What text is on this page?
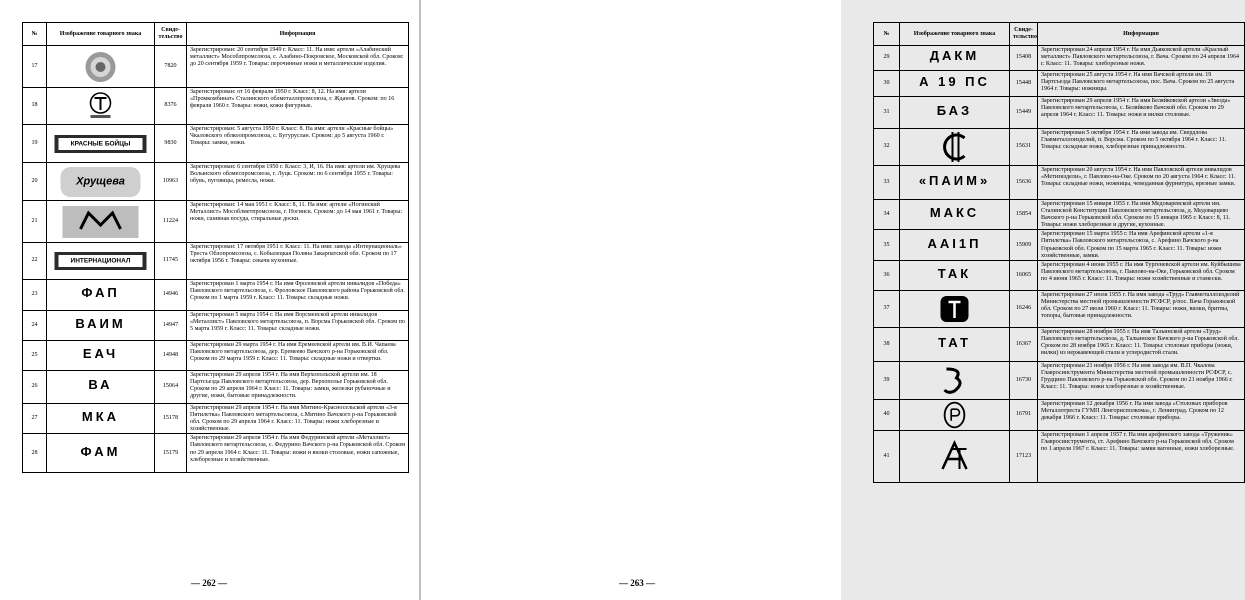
№	Изображение товарного знака	Свиде-тельство	Информация
17		7820	Зарегистрирован: 20 сентября 1949 г. Класс: 11. На имя: артели «Алабинский металлист» Мособлпромсоюза, с. Алабино-Покровское, Московской обл. Сроком: до 20 сентября 1959 г. Товары: перочинные ножи и металлические изделия.
18		8376	Зарегистрирован: от 16 февраля 1950 г. Класс: 8, 12. На имя: артели «Промкомбинат» Сталинского облметаллпромсоюза, г. Жданов. Сроком: по 16 февраля 1960 г. Товары: ножи, кожи фигурные.
19	КРАСНЫЕ БОЙЦЫ	9830	Зарегистрирован: 5 августа 1950 г. Класс: 8. На имя: артели «Красные бойцы» Чкаловского облкоопромсоюза, с. Бугуруслан. Сроком: до 5 августа 1960 г. Товары: замки, ножи.
20	Хрущева	10963	Зарегистрирован: 6 сентября 1950 г. Класс: 3, И, 16. На имя: артели им. Хрущева Волынского облмеспромсоюза, г. Луцк. Сроком: по 6 сентября 1955 г. Товары: обувь, пуговицы, ремесла, ножи.
21		11224	Зарегистрирован: 14 мая 1951 г. Класс: 8, 11. На имя: артели «Ногинский Металлист» Мособлметпромсоюза, г. Ногинск. Сроком: до 14 мая 1961 г. Товары: ножи, сшивная посуда, стиральные доски.
22	ИНТЕРНАЦИОНАЛ	11745	Зарегистрирован: 17 октября 1951 г. Класс: 11. На имя: завода «Интернациональ» Треста Облопромсоюза, с. Кобылецкая Поляна Закарпатской обл. Сроком по 17 октября 1956 г. Товары: секачи кухонные.
23	ФАП	14946	Зарегистрирован 1 марта 1954 г. На имя Фроловской артели инвалидов «Победа» Павловского метартельсоюза, с. Фроловское Павловского района Горьковской обл. Сроком по 1 марта 1959 г. Класс: 11. Товары: складные ножи.
24	ВАИМ	14947	Зарегистрирован 5 марта 1954 г. На имя Ворсменской артели инвалидов «Металлист» Павловского метартельсоюза, п. Ворсма Горьковской обл. Сроком по 5 марта 1959 г. Класс: 11. Товары: складные ножи.
25	ЕАЧ	14948	Зарегистрирован 29 марта 1954 г. На имя Еремеевской артели им. В.И. Чапаева Павловского метартельсоюза, дер. Еремеево Вачского р-на Горьковской обл. Сроком по 29 марта 1959 г. Класс: 11. Товары: складные ножи и отвертки.
26	ВА	15064	Зарегистрирован 29 апреля 1954 г. На имя Верхопольской артели им. 18 Партсъезда Павловского метартельсоюза, дер. Верхополье Горьковской обл. Сроком по 29 апреля 1964 г. Класс: 11. Товары: замки, железки рубаночные и другие, ножи, бытовые принадлежности.
27	МКА	15178	Зарегистрирован 29 апреля 1954 г. На имя Митино-Красносельской артели «3-я Пятилетка» Павловского метартельсоюза, с.Митино Вачского р-на Горьковской обл. Сроком по 29 апреля 1964 г. Класс: 11. Товары: ножи хлеборезные и хозяйственные.
28	ФАМ	15179	Зарегистрирован 29 апреля 1954 г. На имя Федуринской артели «Металлист» Павловского метартельсоюза, с. Федурино Вачского р-на Горьковской обл. Сроком по 29 апреля 1964 г. Класс: 11. Товары: ножи и вилки столовые, ножи сапожные, хлеборезные и хозяйственные.
— 262 —
№	Изображение товарного знака	Свиде-тельство	Информация
29	ДАКМ	15408	Зарегистрирован 24 апреля 1954 г. На имя Дьяковской артели «Красный металлист» Павловского метартельсоюза, г. Вача. Сроком по 24 апреля 1964 г. Класс: 11. Товары: хлеборезные ножи.
30	А 19 ПС	15448	Зарегистрирован 25 августа 1954 г. На имя Вачской артели им. 19 Партсъезда Павловского метартельсоюза, пос. Вача. Сроком по 25 августа 1964 г. Товары: ножницы.
31	БАЗ	15449	Зарегистрирован 29 апреля 1954 г. На имя Беляйковской артели «Звезда» Павловского метартельсоюза, с. Беляйково Вачской обл. Сроком по 29 апреля 1964 г. Класс: 11. Товары: ножи и вилки столовые.
32		15631	Зарегистрирован 5 октября 1954 г. На имя завода им. Свердлова Главметаллоизделий, п. Ворсма. Сроком по 5 октября 1964 г. Класс: 11. Товары: складные ножи, хлеборезные принадлежности.
33	«ПАИМ»	15636	Зарегистрирован 20 августа 1954 г. На имя Павловской артели инвалидов «Метизиздели», г. Павлово-на-Оке. Сроком по 20 августа 1964 г. Класс: 11. Товары: складные ножи, ножницы, чемоданная фурнитура, врезные замки.
34	МАКС	15854	Зарегистрирован 15 января 1955 г. На имя Медоваревской артели им. Сталинской Конституции Павловского метартельсоюза, д. Медоварцево Вачского р-на Горьковской обл. Сроком по 15 января 1965 г. Класс: 8, 11. Товары: ножи хлеборезные и другие, кухонные.
35	ААІ1П	15909	Зарегистрирован 15 марта 1955 г. На имя Арефинской артели «1-я Пятилетка» Павловского метартельсоюза, с. Арефино Вачского р-на Горьковской обл. Сроком по 15 марта 1965 г. Класс: 11. Товары: ножи хозяйственные, замки.
36	ТАК	16065	Зарегистрирован 4 июня 1955 г. На имя Тургеневской артели им. Куйбышева Павловского метартельсоюза, г. Павлово-на-Оке, Горьковской обл. Сроком по 4 июня 1965 г. Класс: 11. Товары: ножи хозяйственные и стамески.
37		16246	Зарегистрирован 27 июля 1955 г. На имя завода «Труд» Главметаллоизделий Министерства местной промышленности РСФСР, р/пос. Вача Горьковской обл. Сроком по 27 июля 1960 г. Класс: 11. Товары: ножи, вилки, бритвы, топоры, бытовые принадлежности.
38	ТАТ	16367	Зарегистрирован 28 ноября 1955 г. На имя Тальинской артели «Труд» Павловского метартельсоюза, д. Тальинское Вачского р-на Горьковской обл. Сроком по 28 ноября 1965 г. Класс: 11. Товары: столовые приборы (ножи, вилки) из нержавеющей стали и углеродистой стали.
39		16730	Зарегистрирован 21 ноября 1956 г. На имя завода им. В.П. Чкалова Главросинструмента Министерства местной промышленности РСФСР, с. Грудцино Павловского р-на Горьковской обл. Сроком по 21 ноября 1966 г. Класс: 11. Товары: ножи хлеборезные и хозяйственные.
40		16791	Зарегистрирован 12 декабря 1956 г. На имя завода «Столовых приборов Металлотреста ГУМП Ленгорисполкома», г. Ленинград. Сроком по 12 декабря 1966 г. Класс: 11. Товары: столовые приборы.
41		17123	Зарегистрирован 1 апреля 1957 г. На имя арефинского завода «Труженик» Главросинструмента, ст. Арефино Вачского р-на Горьковской обл. Сроком по 1 апреля 1967 г. Класс: 11. Товары: замки вагонные, ножи хлеборезные.
— 263 —
